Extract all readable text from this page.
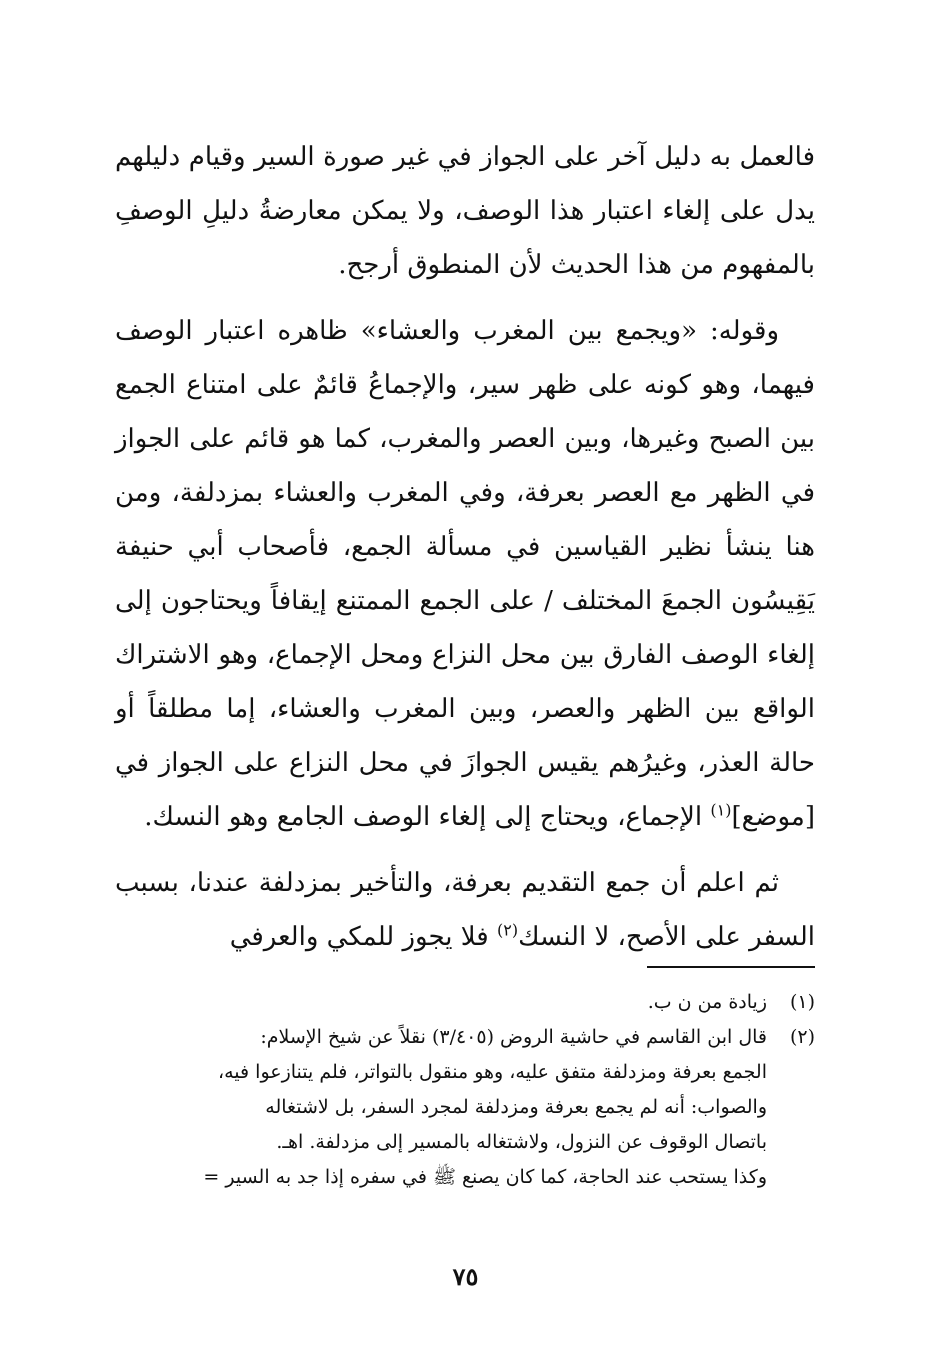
فالعمل به دليل آخر على الجواز في غير صورة السير وقيام دليلهم يدل على إلغاء اعتبار هذا الوصف، ولا يمكن معارضةُ دليلِ الوصفِ بالمفهوم من هذا الحديث لأن المنطوق أرجح.

وقوله: «ويجمع بين المغرب والعشاء» ظاهره اعتبار الوصف فيهما، وهو كونه على ظهر سير، والإجماعُ قائمٌ على امتناع الجمع بين الصبح وغيرها، وبين العصر والمغرب، كما هو قائم على الجواز في الظهر مع العصر بعرفة، وفي المغرب والعشاء بمزدلفة، ومن هنا ينشأ نظير القياسين في مسألة الجمع، فأصحاب أبي حنيفة يَقِيسُون الجمعَ المختلف / على الجمع الممتنع إيقافاً ويحتاجون إلى إلغاء الوصف الفارق بين محل النزاع ومحل الإجماع، وهو الاشتراك الواقع بين الظهر والعصر، وبين المغرب والعشاء، إما مطلقاً أو حالة العذر، وغيرُهم يقيس الجوازَ في محل النزاع على الجواز في [موضع]$^{(١)}$ الإجماع، ويحتاج إلى إلغاء الوصف الجامع وهو النسك.

ثم اعلم أن جمع التقديم بعرفة، والتأخير بمزدلفة عندنا، بسبب السفر على الأصح، لا النسك$^{(٢)}$ فلا يجوز للمكي والعرفي

(١)
زيادة من ن ب.
(٢)
قال ابن القاسم في حاشية الروض (٣/٤٠٥) نقلاً عن شيخ الإسلام:
الجمع بعرفة ومزدلفة متفق عليه، وهو منقول بالتواتر، فلم يتنازعوا فيه،
والصواب: أنه لم يجمع بعرفة ومزدلفة لمجرد السفر، بل لاشتغاله
باتصال الوقوف عن النزول، ولاشتغاله بالمسير إلى مزدلفة. اهـ.
وكذا يستحب عند الحاجة، كما كان يصنع ﷺ في سفره إذا جد به السير =
٧٥
